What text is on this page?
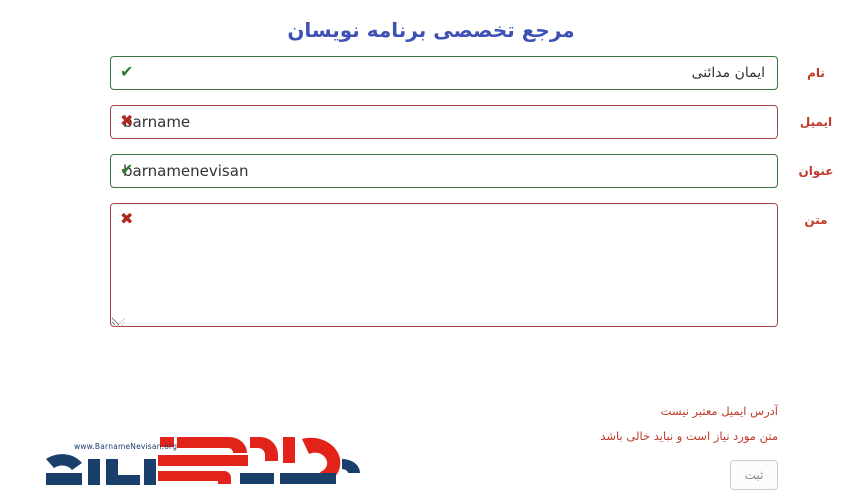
مرجع تخصصی برنامه نویسان
نام
ایمان مدائنی
✔
ایمیل
barname
✖
عنوان
barnamenevisan
✔
متن
✖
آدرس ایمیل معتبر نیست
متن مورد نیاز است و نباید خالی باشد
ثبت
www.BarnameNevisan.org
